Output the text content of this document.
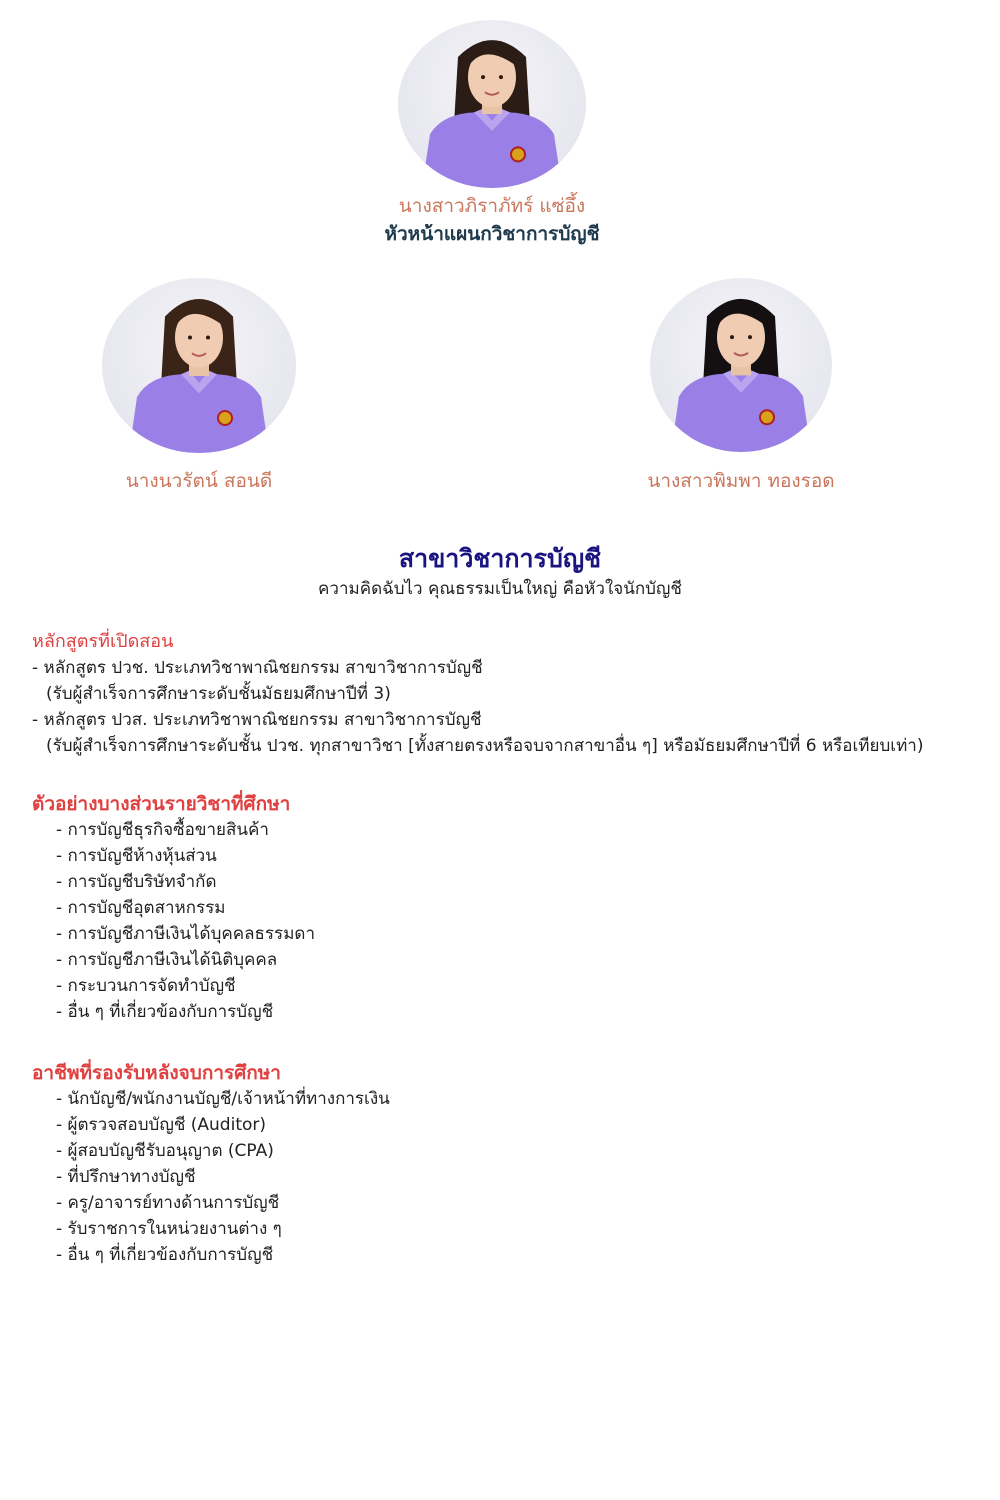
นางสาวภิราภัทร์ แซ่อึ้ง
หัวหน้าแผนกวิชาการบัญชี
นางนวรัตน์ สอนดี	นางสาวพิมพา ทองรอด
สาขาวิชาการบัญชี
ความคิดฉับไว คุณธรรมเป็นใหญ่ คือหัวใจนักบัญชี
หลักสูตรที่เปิดสอน
- หลักสูตร ปวช. ประเภทวิชาพาณิชยกรรม สาขาวิชาการบัญชี
(รับผู้สำเร็จการศึกษาระดับชั้นมัธยมศึกษาปีที่ 3)
- หลักสูตร ปวส. ประเภทวิชาพาณิชยกรรม สาขาวิชาการบัญชี
(รับผู้สำเร็จการศึกษาระดับชั้น ปวช. ทุกสาขาวิชา [ทั้งสายตรงหรือจบจากสาขาอื่น ๆ] หรือมัธยมศึกษาปีที่ 6 หรือเทียบเท่า)
ตัวอย่างบางส่วนรายวิชาที่ศึกษา
- การบัญชีธุรกิจซื้อขายสินค้า
- การบัญชีห้างหุ้นส่วน
- การบัญชีบริษัทจำกัด
- การบัญชีอุตสาหกรรม
- การบัญชีภาษีเงินได้บุคคลธรรมดา
- การบัญชีภาษีเงินได้นิติบุคคล
- กระบวนการจัดทำบัญชี
- อื่น ๆ ที่เกี่ยวข้องกับการบัญชี
อาชีพที่รองรับหลังจบการศึกษา
- นักบัญชี/พนักงานบัญชี/เจ้าหน้าที่ทางการเงิน
- ผู้ตรวจสอบบัญชี (Auditor)
- ผู้สอบบัญชีรับอนุญาต (CPA)
- ที่ปรึกษาทางบัญชี
- ครู/อาจารย์ทางด้านการบัญชี
- รับราชการในหน่วยงานต่าง ๆ
- อื่น ๆ ที่เกี่ยวข้องกับการบัญชี
